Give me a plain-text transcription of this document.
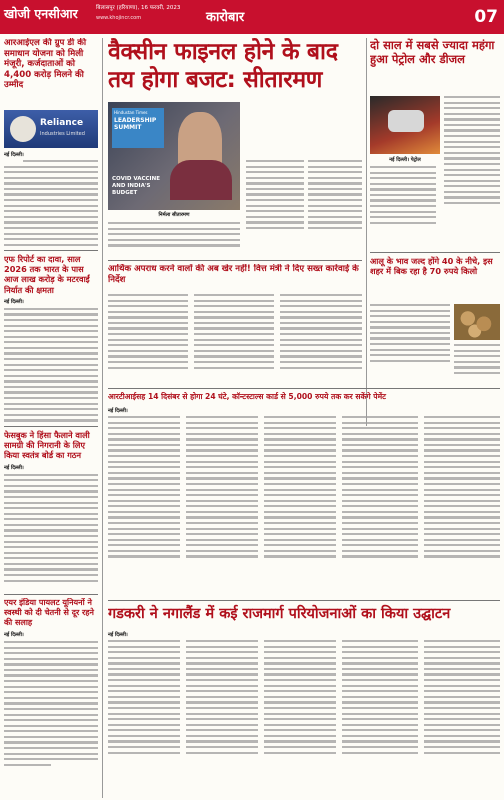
खोजी एनसीआर	बिलासपुर (हरियाणा), 16 फरवरी, 2023
www.khojincr.com	कारोबार	07
आरआईएल की ग्रुप डी की समाधान योजना को मिली मंजूरी, कर्जदाताओं को 4,400 करोड़ मिलने की उम्मीद
Reliance
Industries Limited
नई दिल्ली।
एफ रिपोर्ट का दावा, साल 2026 तक भारत के पास आज लाख करोड़ के मटरवाईं निर्यात की क्षमता
नई दिल्ली।
फेसबुक ने हिंसा फैलाने वाली सामग्री की निगरानी के लिए किया स्वतंत्र बोर्ड का गठन
नई दिल्ली।
एयर इंडिया पायलट यूनियनों ने स्वस्थी को दी चेतनी से दूर रहने की सलाह
नई दिल्ली।
वैक्सीन फाइनल होने के बाद तय होगा बजट: सीतारमण
Hindustan Times
LEADERSHIP SUMMIT
COVID VACCINE AND INDIA'S BUDGET
निर्मला सीतारमण
दो साल में सबसे ज्यादा महंगा हुआ पेट्रोल और डीजल
नई दिल्ली। पेट्रोल
आलू के भाव जल्द होंगे 40 के नीचे, इस शहर में बिक रहा है 70 रुपये किलो
आर्थिक अपराध करने वालों की अब खेर नहीं! वित्त मंत्री ने दिए सख्त कार्रवाई के निर्देश
आरटीआईसह 14 दिसंबर से होगा 24 घंटे, कॉन्टस्टाल्स कार्ड से 5,000 रुपये तक कर सकेंगे पेमेंट
नई दिल्ली।
गडकरी ने नगालैंड में कई राजमार्ग परियोजनाओं का किया उद्घाटन
नई दिल्ली।
